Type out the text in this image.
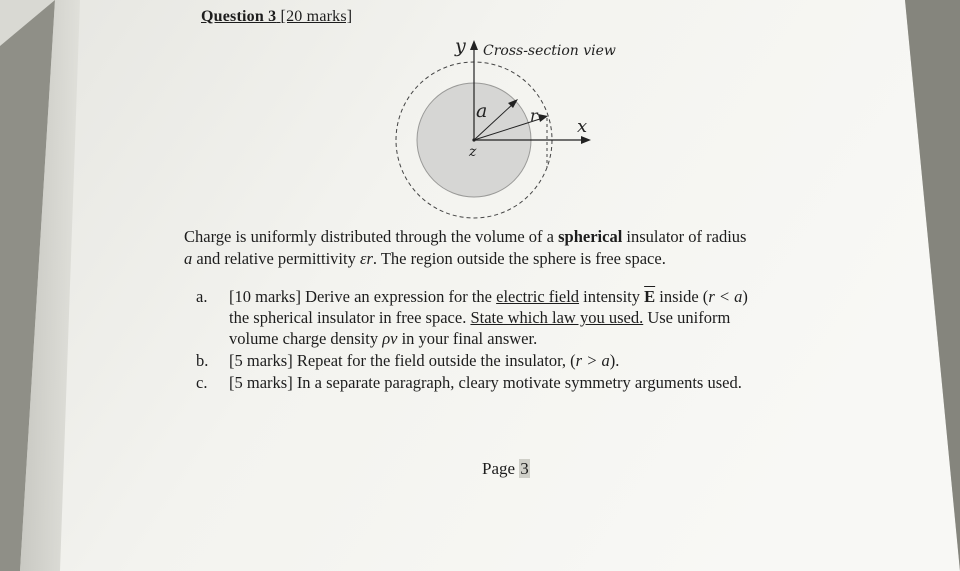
Question 3 [20 marks]
y Cross-section view
a	r
x
z
Charge is uniformly distributed through the volume of a spherical insulator of radius
a and relative permittivity εr. The region outside the sphere is free space.
a. [10 marks] Derive an expression for the electric field intensity $\overline{E}$ inside (r < a)
the spherical insulator in free space. State which law you used. Use uniform
volume charge density ρv in your final answer.
b. [5 marks] Repeat for the field outside the insulator, (r > a).
c. [5 marks] In a separate paragraph, cleary motivate symmetry arguments used.
Page 3
